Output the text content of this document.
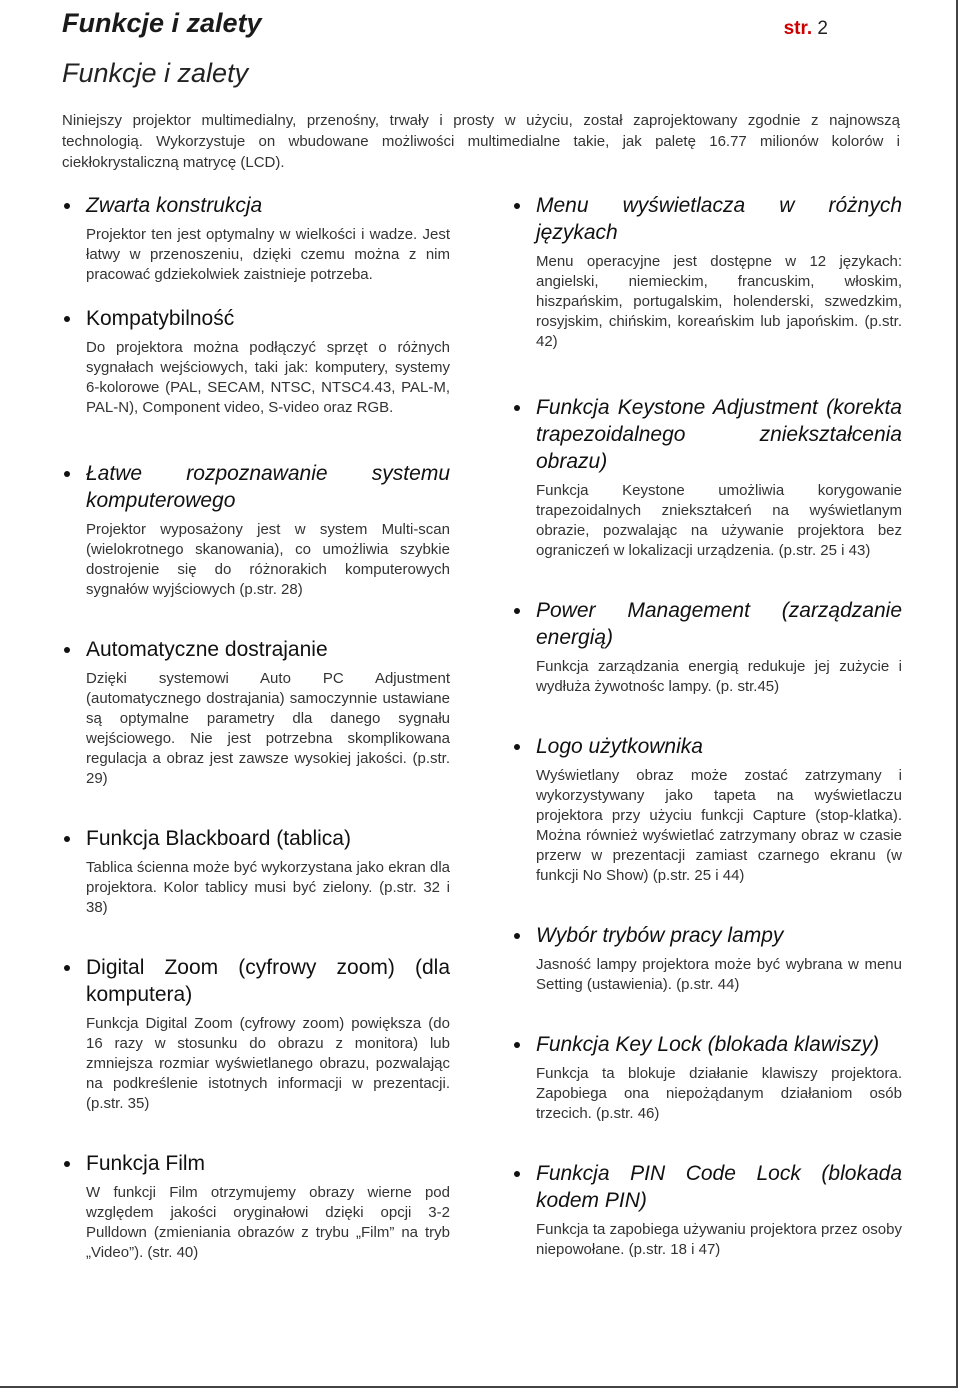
Funkcje i zalety	str. 2
Funkcje i zalety
Niniejszy projektor multimedialny, przenośny, trwały i prosty w użyciu, został zaprojektowany zgodnie z najnowszą technologią. Wykorzystuje on wbudowane możliwości multimedialne takie, jak paletę 16.77 milionów kolorów i ciekłokrystaliczną matrycę (LCD).
Zwarta konstrukcja
Projektor ten jest optymalny w wielkości i wadze. Jest łatwy w przenoszeniu, dzięki czemu można z nim pracować gdziekolwiek zaistnieje potrzeba.
Kompatybilność
Do projektora można podłączyć sprzęt o różnych sygnałach wejściowych, taki jak: komputery, systemy 6-kolorowe (PAL, SECAM, NTSC, NTSC4.43, PAL-M, PAL-N), Component video, S-video oraz RGB.
Łatwe rozpoznawanie systemu komputerowego
Projektor wyposażony jest w system Multi-scan (wielokrotnego skanowania), co umożliwia szybkie dostrojenie się do różnorakich komputerowych sygnałów wyjściowych (p.str. 28)
Automatyczne dostrajanie
Dzięki systemowi Auto PC Adjustment (automatycznego dostrajania) samoczynnie ustawiane są optymalne parametry dla danego sygnału wejściowego. Nie jest potrzebna skomplikowana regulacja a obraz jest zawsze wysokiej jakości. (p.str. 29)
Funkcja Blackboard (tablica)
Tablica ścienna może być wykorzystana jako ekran dla projektora. Kolor tablicy musi być zielony. (p.str. 32 i 38)
Digital Zoom (cyfrowy zoom) (dla komputera)
Funkcja Digital Zoom (cyfrowy zoom) powiększa (do 16 razy w stosunku do obrazu z monitora) lub zmniejsza rozmiar wyświetlanego obrazu, pozwalając na podkreślenie istotnych informacji w prezentacji. (p.str. 35)
Funkcja Film
W funkcji Film otrzymujemy obrazy wierne pod względem jakości oryginałowi dzięki opcji 3-2 Pulldown (zmieniania obrazów z trybu „Film” na tryb „Video”). (str. 40)
Menu wyświetlacza w różnych językach
Menu operacyjne jest dostępne w 12 językach: angielski, niemieckim, francuskim, włoskim, hiszpańskim, portugalskim, holenderski, szwedzkim, rosyjskim, chińskim, koreańskim lub japońskim. (p.str. 42)
Funkcja Keystone Adjustment (korekta trapezoidalnego zniekształcenia obrazu)
Funkcja Keystone umożliwia korygowanie trapezoidalnych zniekształceń na wyświetlanym obrazie, pozwalając na używanie projektora bez ograniczeń w lokalizacji urządzenia. (p.str. 25 i 43)
Power Management (zarządzanie energią)
Funkcja zarządzania energią redukuje jej zużycie i wydłuża żywotnośc lampy. (p. str.45)
Logo użytkownika
Wyświetlany obraz może zostać zatrzymany i wykorzystywany jako tapeta na wyświetlaczu projektora przy użyciu funkcji Capture (stop-klatka). Można również wyświetlać zatrzymany obraz w czasie przerw w prezentacji zamiast czarnego ekranu (w funkcji No Show) (p.str. 25 i 44)
Wybór trybów pracy lampy
Jasność lampy projektora może być wybrana w menu Setting (ustawienia). (p.str. 44)
Funkcja Key Lock (blokada klawiszy)
Funkcja ta blokuje działanie klawiszy projektora. Zapobiega ona niepożądanym działaniom osób trzecich. (p.str. 46)
Funkcja PIN Code Lock (blokada kodem PIN)
Funkcja ta zapobiega używaniu projektora przez osoby niepowołane. (p.str. 18 i 47)
